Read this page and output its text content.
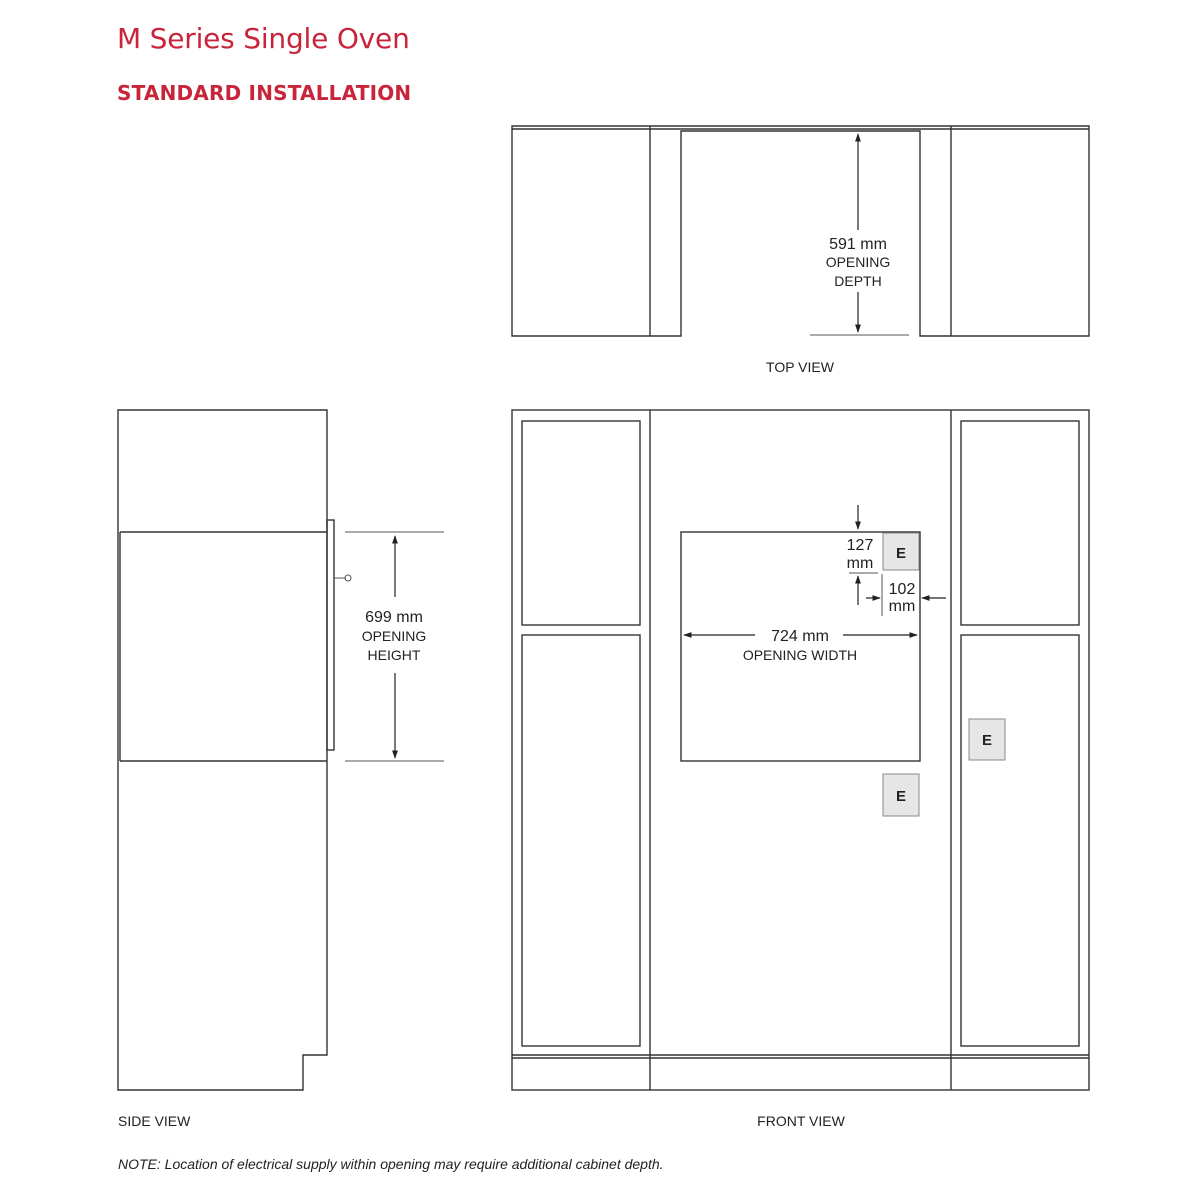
M Series Single Oven
STANDARD INSTALLATION
591 mm
OPENING
DEPTH
TOP VIEW
699 mm
OPENING
HEIGHT
SIDE VIEW
E
E
E
127
mm
102
mm
724 mm
OPENING WIDTH
FRONT VIEW
NOTE: Location of electrical supply within opening may require additional cabinet depth.
